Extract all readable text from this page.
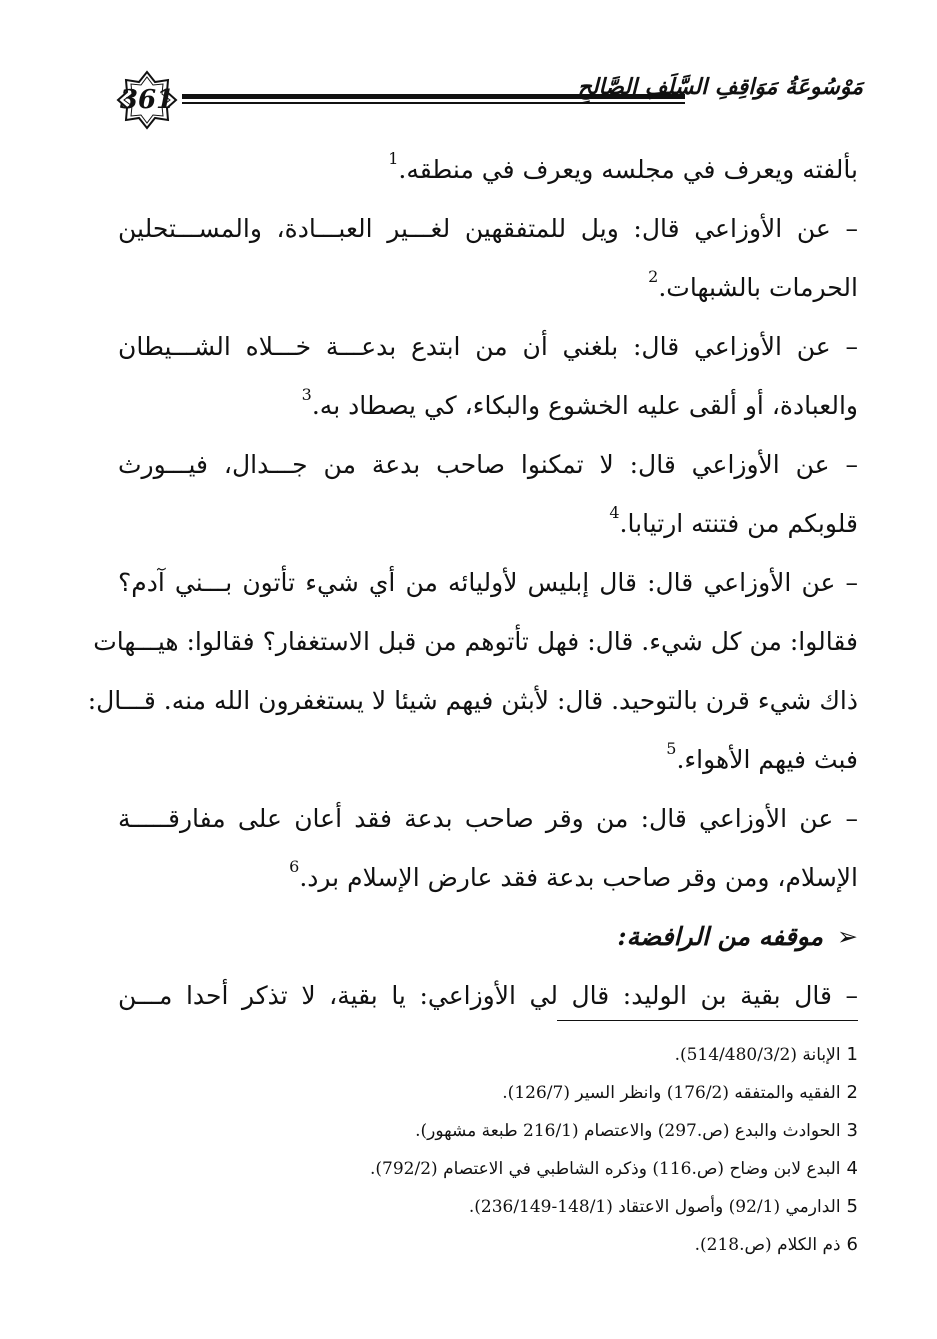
361	مَوْسُوعَةُ مَوَاقِفِ السَّلَفِ الصَّالِحِ
بألفته ويعرف في مجلسه ويعرف في منطقه.$^1$
– عن الأوزاعي قال: ويل للمتفقهين لغـــير العبـــادة، والمســـتحلين
الحرمات بالشبهات.$^2$
– عن الأوزاعي قال: بلغني أن من ابتدع بدعـــة خـــلاه الشـــيطان
والعبادة، أو ألقى عليه الخشوع والبكاء، كي يصطاد به.$^3$
– عن الأوزاعي قال: لا تمكنوا صاحب بدعة من جـــدال، فيـــورث
قلوبكم من فتنته ارتيابا.$^4$
– عن الأوزاعي قال: قال إبليس لأوليائه من أي شيء تأتون بـــني آدم؟
فقالوا: من كل شيء. قال: فهل تأتوهم من قبل الاستغفار؟ فقالوا: هيـــهات
ذاك شيء قرن بالتوحيد. قال: لأبثن فيهم شيئا لا يستغفرون الله منه. قـــال:
فبث فيهم الأهواء.$^5$
– عن الأوزاعي قال: من وقر صاحب بدعة فقد أعان على مفارقـــــة
الإسلام، ومن وقر صاحب بدعة فقد عارض الإسلام برد.$^6$
➢موقفه من الرافضة:
– قال بقية بن الوليد: قال لي الأوزاعي: يا بقية، لا تذكر أحدا مـــن
1الإبانة (514/480/3/2).
2الفقيه والمتفقه (176/2) وانظر السير (126/7).
3الحوادث والبدع (ص.297) والاعتصام (216/1 طبعة مشهور).
4البدع لابن وضاح (ص.116) وذكره الشاطبي في الاعتصام (792/2).
5الدارمي (92/1) وأصول الاعتقاد (148/1-236/149).
6ذم الكلام (ص.218).
